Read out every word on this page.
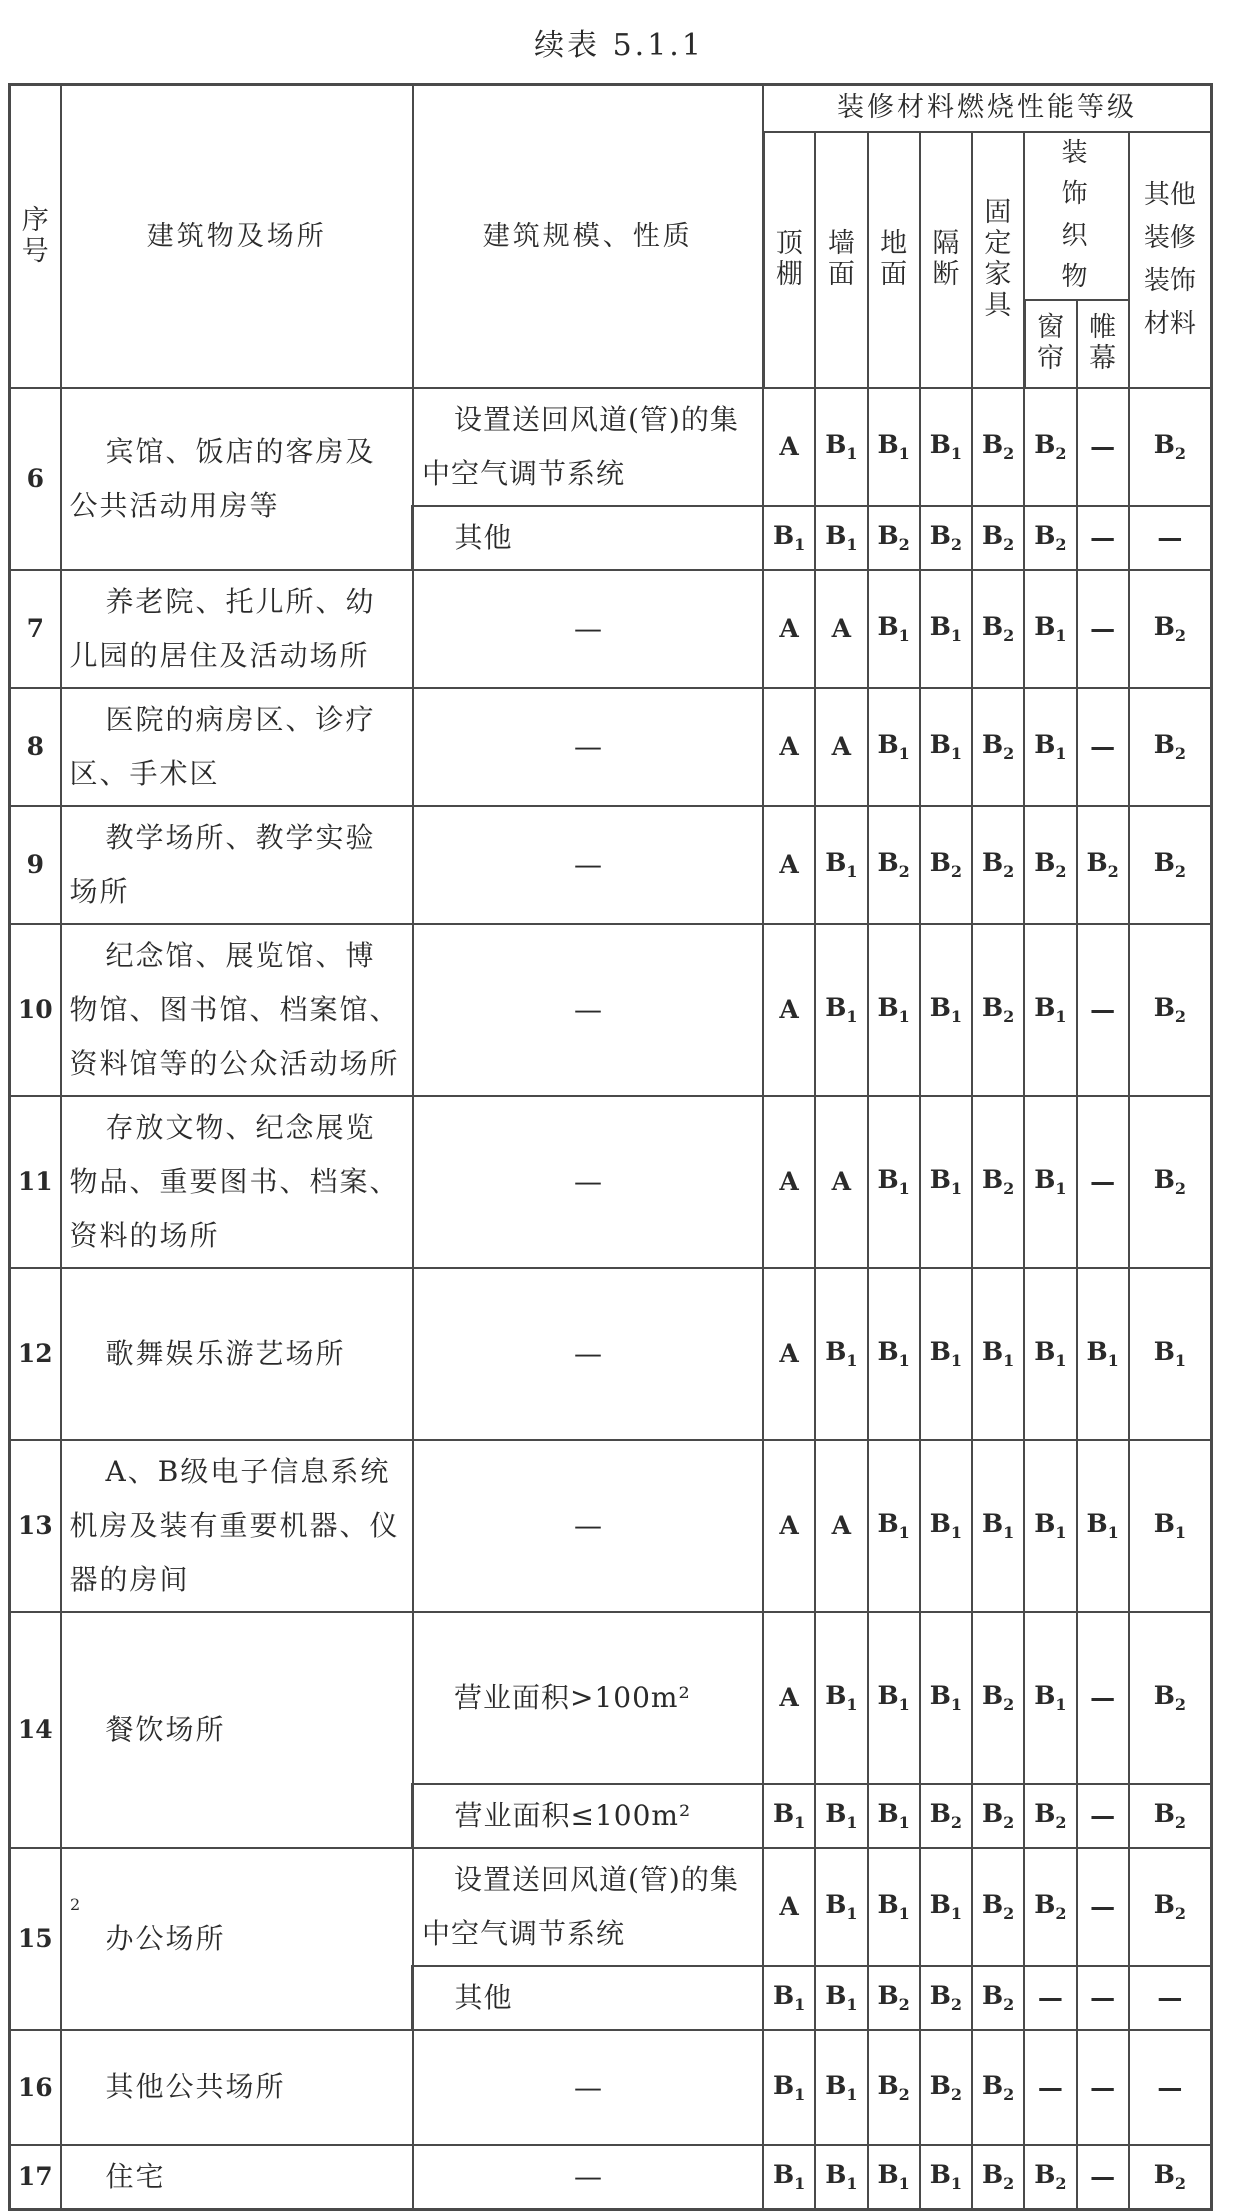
续表 5.1.1
序号	建筑物及场所	建筑规模、性质	装修材料燃烧性能等级							
			顶棚	墙面	地面	隔断	固定家具	装饰织物		其他装修装饰材料
								窗帘	帷幕	
6	宾馆、饭店的客房及公共活动用房等	设置送回风道(管)的集中空气调节系统	A	$B_1$	$B_1$	$B_1$	$B_2$	$B_2$	—	$B_2$
		其他	$B_1$	$B_1$	$B_2$	$B_2$	$B_2$	$B_2$	—	—
7	养老院、托儿所、幼儿园的居住及活动场所	—	A	A	$B_1$	$B_1$	$B_2$	$B_1$	—	$B_2$
8	医院的病房区、诊疗区、手术区	—	A	A	$B_1$	$B_1$	$B_2$	$B_1$	—	$B_2$
9	教学场所、教学实验场所	—	A	$B_1$	$B_2$	$B_2$	$B_2$	$B_2$	$B_2$	$B_2$
10	纪念馆、展览馆、博物馆、图书馆、档案馆、资料馆等的公众活动场所	—	A	$B_1$	$B_1$	$B_1$	$B_2$	$B_1$	—	$B_2$
11	存放文物、纪念展览物品、重要图书、档案、资料的场所	—	A	A	$B_1$	$B_1$	$B_2$	$B_1$	—	$B_2$
12	歌舞娱乐游艺场所	—	A	$B_1$	$B_1$	$B_1$	$B_1$	$B_1$	$B_1$	$B_1$
13	A、B级电子信息系统机房及装有重要机器、仪器的房间	—	A	A	$B_1$	$B_1$	$B_1$	$B_1$	$B_1$	$B_1$
14	餐饮场所	营业面积>100m²	A	$B_1$	$B_1$	$B_1$	$B_2$	$B_1$	—	$B_2$
		营业面积≤100m²	$B_1$	$B_1$	$B_1$	$B_2$	$B_2$	$B_2$	—	$B_2$
15	办公场所	设置送回风道(管)的集中空气调节系统	A	$B_1$	$B_1$	$B_1$	$B_2$	$B_2$	—	$B_2$
		其他	$B_1$	$B_1$	$B_2$	$B_2$	$B_2$	—	—	—
16	其他公共场所	—	$B_1$	$B_1$	$B_2$	$B_2$	$B_2$	—	—	—
17	住宅	—	$B_1$	$B_1$	$B_1$	$B_1$	$B_2$	$B_2$	—	$B_2$
2
